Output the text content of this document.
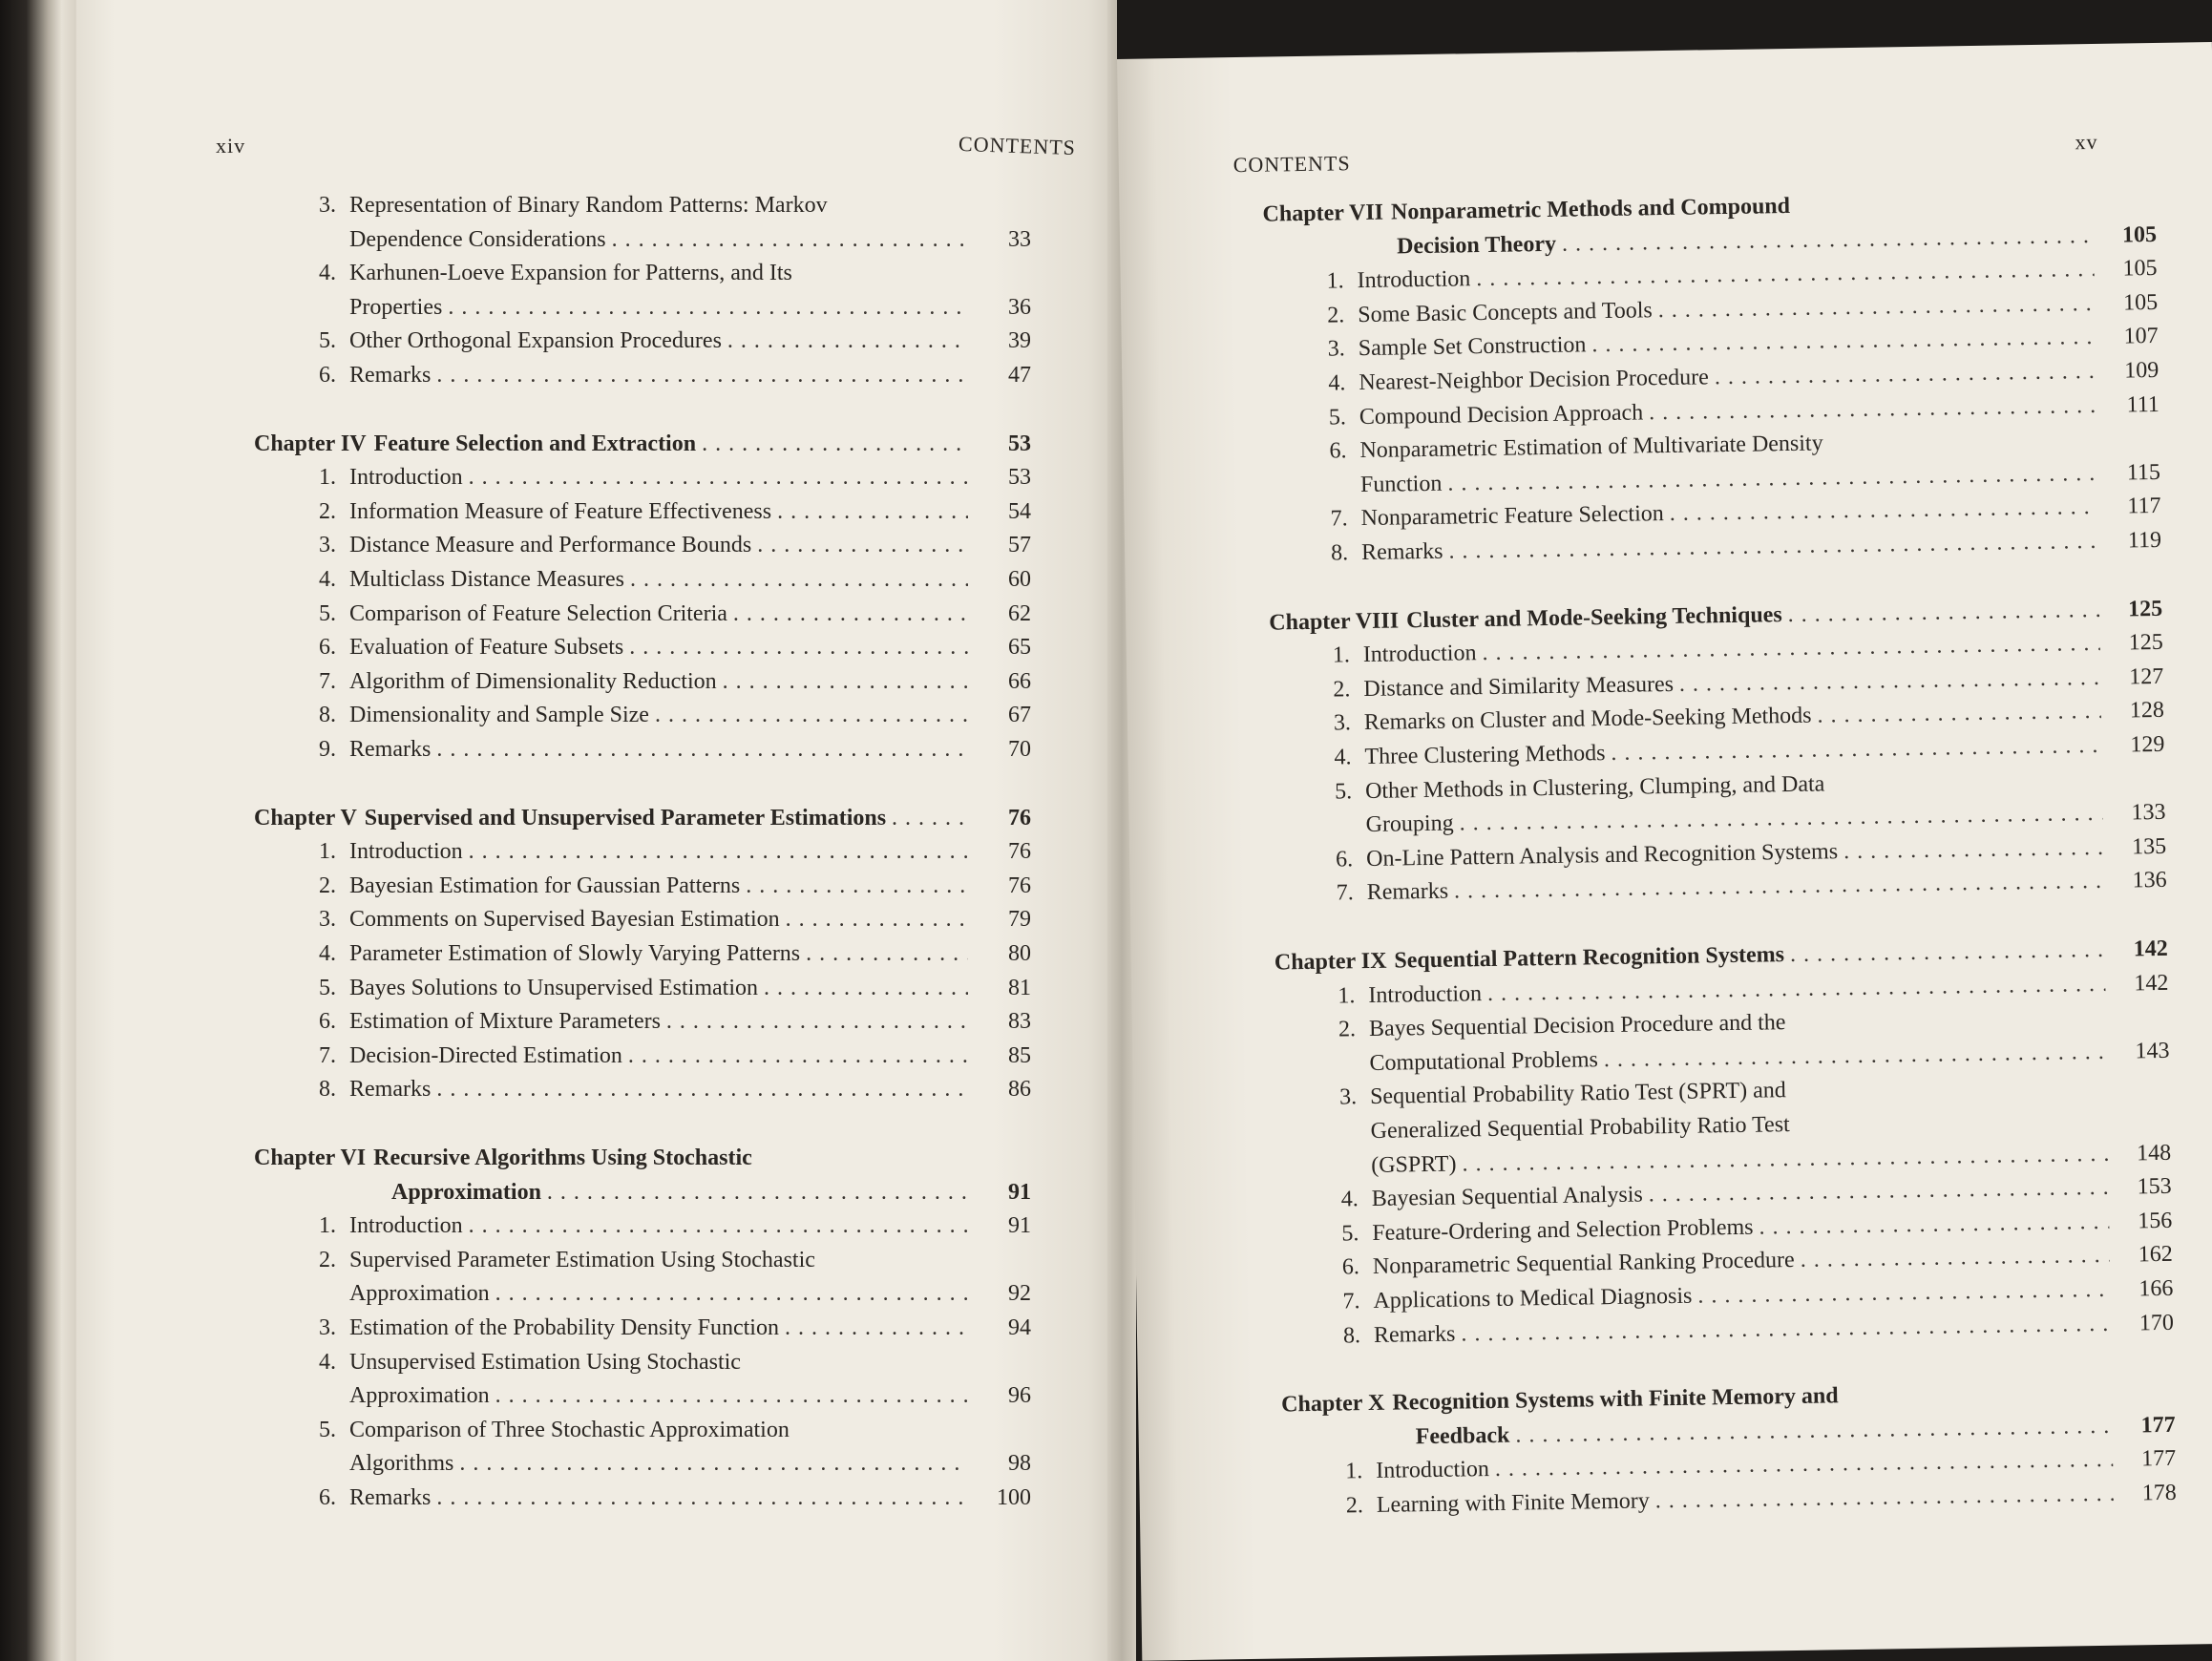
xiv	CONTENTS
3. Representation of Binary Random Patterns: Markov
Dependence Considerations . . .	33
4. Karhunen-Loeve Expansion for Patterns, and Its
Properties . . .	36
5. Other Orthogonal Expansion Procedures . . .	39
6. Remarks . . .	47
Chapter IV Feature Selection and Extraction . . .	53
1. Introduction . . .	53
2. Information Measure of Feature Effectiveness . . .	54
3. Distance Measure and Performance Bounds . . .	57
4. Multiclass Distance Measures . . .	60
5. Comparison of Feature Selection Criteria . . .	62
6. Evaluation of Feature Subsets . . .	65
7. Algorithm of Dimensionality Reduction . . .	66
8. Dimensionality and Sample Size . . .	67
9. Remarks . . .	70
Chapter V Supervised and Unsupervised Parameter Estimations . . .	76
1. Introduction . . .	76
2. Bayesian Estimation for Gaussian Patterns . . .	76
3. Comments on Supervised Bayesian Estimation . . .	79
4. Parameter Estimation of Slowly Varying Patterns . . .	80
5. Bayes Solutions to Unsupervised Estimation . . .	81
6. Estimation of Mixture Parameters . . .	83
7. Decision-Directed Estimation . . .	85
8. Remarks . . .	86
Chapter VI Recursive Algorithms Using Stochastic
Approximation . . .	91
1. Introduction . . .	91
2. Supervised Parameter Estimation Using Stochastic
Approximation . . .	92
3. Estimation of the Probability Density Function . . .	94
4. Unsupervised Estimation Using Stochastic
Approximation . . .	96
5. Comparison of Three Stochastic Approximation
Algorithms . . .	98
6. Remarks . . .	100
CONTENTS
xv
Chapter VII Nonparametric Methods and Compound
Decision Theory . . .	105
1. Introduction . . .	105
2. Some Basic Concepts and Tools . . .	105
3. Sample Set Construction . . .	107
4. Nearest-Neighbor Decision Procedure . . .	109
5. Compound Decision Approach . . .	111
6. Nonparametric Estimation of Multivariate Density
Function . . .	115
7. Nonparametric Feature Selection . . .	117
8. Remarks . . .	119
Chapter VIII Cluster and Mode-Seeking Techniques . . .	125
1. Introduction . . .	125
2. Distance and Similarity Measures . . .	127
3. Remarks on Cluster and Mode-Seeking Methods . . .	128
4. Three Clustering Methods . . .	129
5. Other Methods in Clustering, Clumping, and Data
Grouping . . .	133
6. On-Line Pattern Analysis and Recognition Systems . . .	135
7. Remarks . . .	136
Chapter IX Sequential Pattern Recognition Systems . . .	142
1. Introduction . . .	142
2. Bayes Sequential Decision Procedure and the
Computational Problems . . .	143
3. Sequential Probability Ratio Test (SPRT) and
Generalized Sequential Probability Ratio Test
(GSPRT) . . .	148
4. Bayesian Sequential Analysis . . .	153
5. Feature-Ordering and Selection Problems . . .	156
6. Nonparametric Sequential Ranking Procedure . . .	162
7. Applications to Medical Diagnosis . . .	166
8. Remarks . . .	170
Chapter X Recognition Systems with Finite Memory and
Feedback . . .	177
1. Introduction . . .	177
2. Learning with Finite Memory . . .	178
